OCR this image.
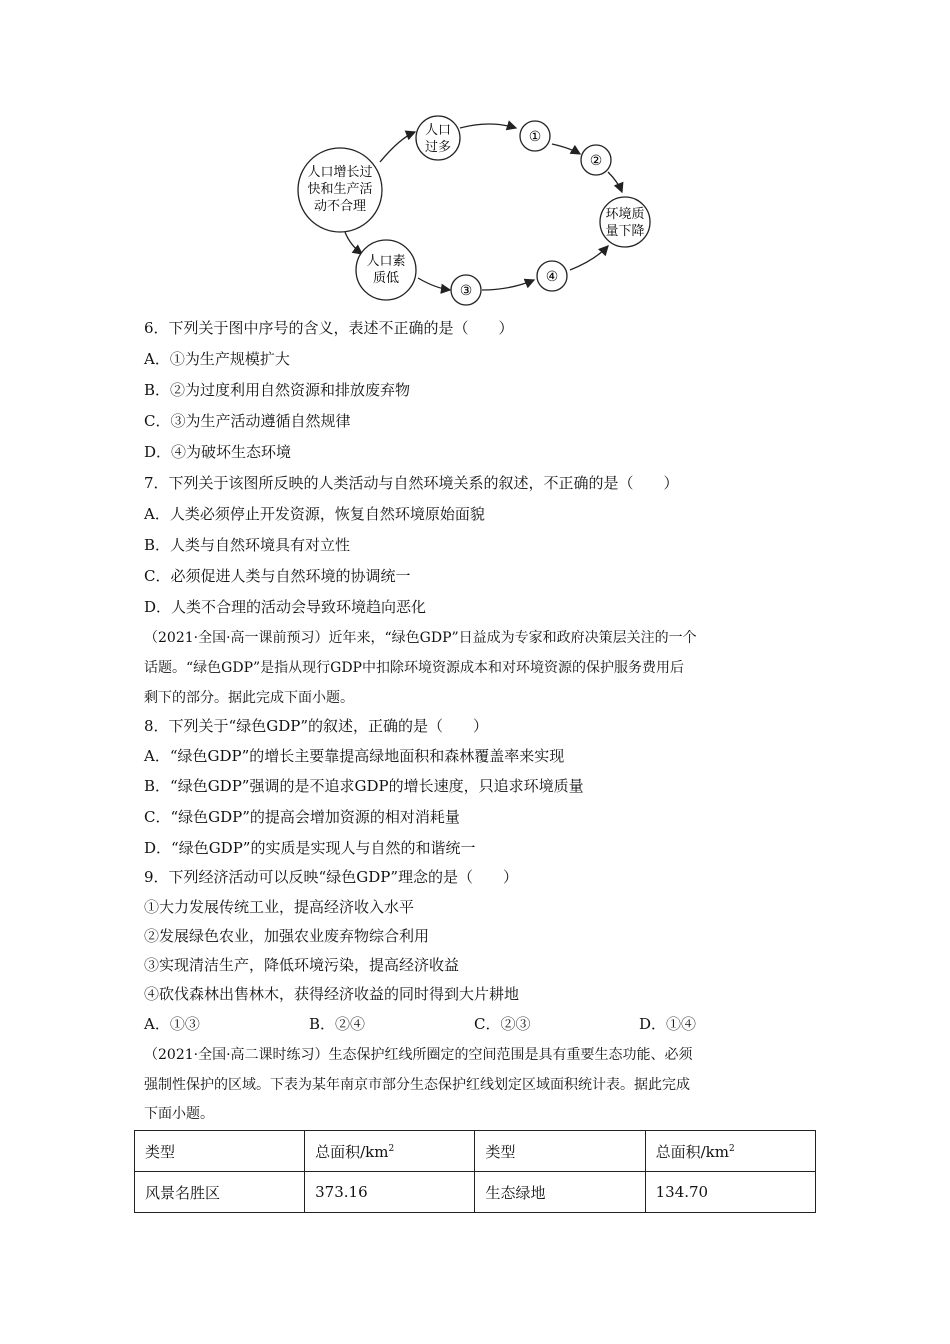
人口增长过
快和生产活
动不合理
人口
过多
①
②
环境质
量下降
人口素
质低
③
④
6．下列关于图中序号的含义，表述不正确的是（　　）
A．①为生产规模扩大
B．②为过度利用自然资源和排放废弃物
C．③为生产活动遵循自然规律
D．④为破坏生态环境
7．下列关于该图所反映的人类活动与自然环境关系的叙述，不正确的是（　　）
A．人类必须停止开发资源，恢复自然环境原始面貌
B．人类与自然环境具有对立性
C．必须促进人类与自然环境的协调统一
D．人类不合理的活动会导致环境趋向恶化
（2021·全国·高一课前预习）近年来，“绿色GDP”日益成为专家和政府决策层关注的一个
话题。“绿色GDP”是指从现行GDP中扣除环境资源成本和对环境资源的保护服务费用后
剩下的部分。据此完成下面小题。
8．下列关于“绿色GDP”的叙述，正确的是（　　）
A．“绿色GDP”的增长主要靠提高绿地面积和森林覆盖率来实现
B．“绿色GDP”强调的是不追求GDP的增长速度，只追求环境质量
C．“绿色GDP”的提高会增加资源的相对消耗量
D．“绿色GDP”的实质是实现人与自然的和谐统一
9．下列经济活动可以反映“绿色GDP”理念的是（　　）
①大力发展传统工业，提高经济收入水平
②发展绿色农业，加强农业废弃物综合利用
③实现清洁生产，降低环境污染，提高经济收益
④砍伐森林出售林木，获得经济收益的同时得到大片耕地
A．①③	B．②④	C．②③	D．①④
（2021·全国·高二课时练习）生态保护红线所圈定的空间范围是具有重要生态功能、必须
强制性保护的区域。下表为某年南京市部分生态保护红线划定区域面积统计表。据此完成
下面小题。
类型	总面积$/km^2$	类型	总面积$/km^2$
风景名胜区	373.16	生态绿地	134.70
